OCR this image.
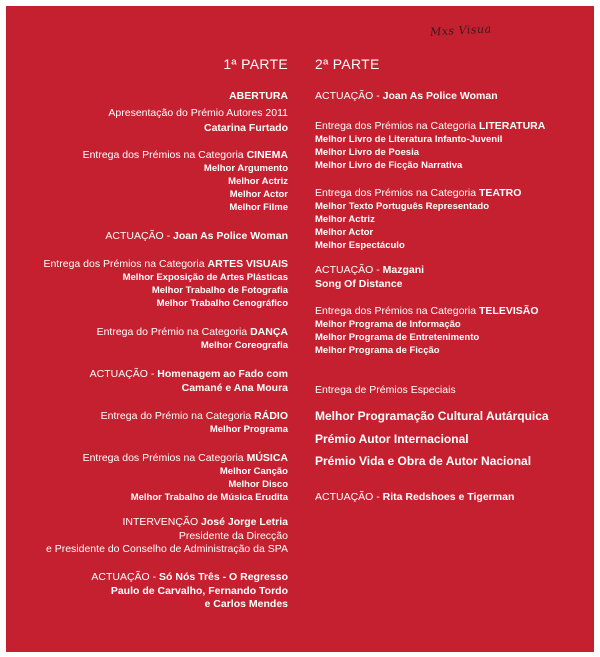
Mxs Visua
1ª PARTE
ABERTURA
Apresentação do Prémio Autores 2011
Catarina Furtado
Entrega dos Prémios na Categoria CINEMA
Melhor Argumento
Melhor Actriz
Melhor Actor
Melhor Filme
ACTUAÇÃO - Joan As Police Woman
Entrega dos Prémios na Categoria ARTES VISUAIS
Melhor Exposição de Artes Plásticas
Melhor Trabalho de Fotografia
Melhor Trabalho Cenográfico
Entrega do Prémio na Categoria DANÇA
Melhor Coreografia
ACTUAÇÃO - Homenagem ao Fado com
Camané e Ana Moura
Entrega do Prémio na Categoria RÁDIO
Melhor Programa
Entrega dos Prémios na Categoria MÚSICA
Melhor Canção
Melhor Disco
Melhor Trabalho de Música Erudita
INTERVENÇÃO José Jorge Letria
Presidente da Direcção
e Presidente do Conselho de Administração da SPA
ACTUAÇÃO - Só Nós Três - O Regresso
Paulo de Carvalho, Fernando Tordo
e Carlos Mendes
2ª PARTE
ACTUAÇÃO - Joan As Police Woman
Entrega dos Prémios na Categoria LITERATURA
Melhor Livro de Literatura Infanto-Juvenil
Melhor Livro de Poesia
Melhor Livro de Ficção Narrativa
Entrega dos Prémios na Categoria TEATRO
Melhor Texto Português Representado
Melhor Actriz
Melhor Actor
Melhor Espectáculo
ACTUAÇÃO - Mazgani
Song Of Distance
Entrega dos Prémios na Categoria TELEVISÃO
Melhor Programa de Informação
Melhor Programa de Entretenimento
Melhor Programa de Ficção
Entrega de Prémios Especiais
Melhor Programação Cultural Autárquica
Prémio Autor Internacional
Prémio Vida e Obra de Autor Nacional
ACTUAÇÃO - Rita Redshoes e Tigerman
